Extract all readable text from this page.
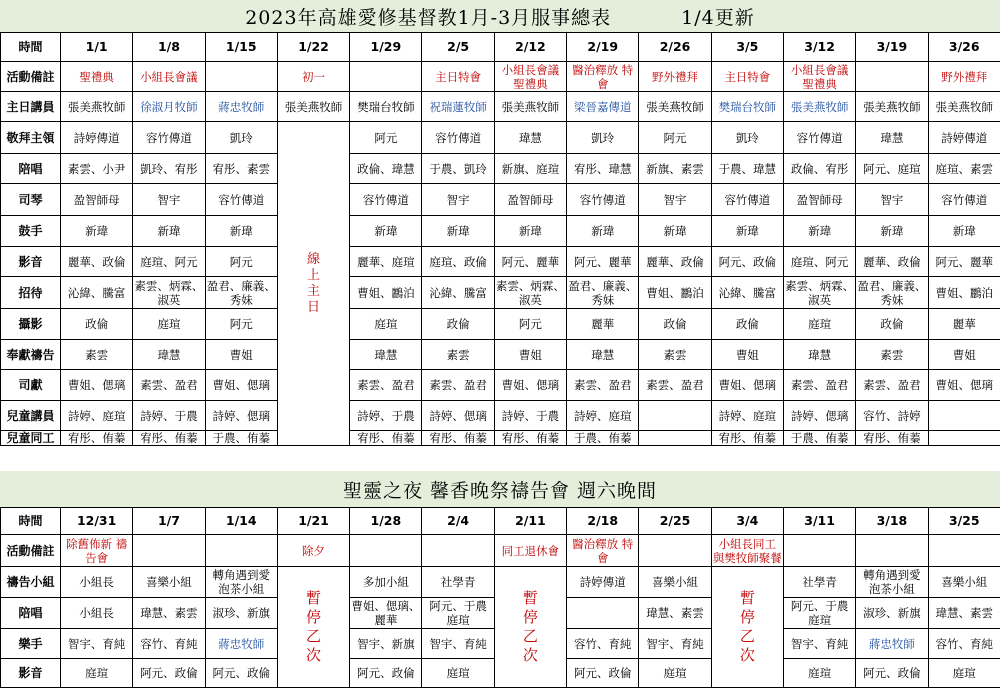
2023年高雄愛修基督教1月-3月服事總表	1/4更新
時間	1/1	1/8	1/15	1/22	1/29	2/5	2/12	2/19	2/26	3/5	3/12	3/19	3/26
活動備註	聖禮典	小組長會議		初一		主日特會	小組長會議 聖禮典	醫治釋放 特會	野外禮拜	主日特會	小組長會議 聖禮典		野外禮拜
主日講員	張美燕牧師	徐淑月牧師	蔣忠牧師	張美燕牧師	樊瑞台牧師	祝瑞蓮牧師	張美燕牧師	梁晉嘉傳道	張美燕牧師	樊瑞台牧師	張美燕牧師	張美燕牧師	張美燕牧師
敬拜主領	詩婷傳道	容竹傳道	凱玲	線上主日	阿元	容竹傳道	瑋慧	凱玲	阿元	凱玲	容竹傳道	瑋慧	詩婷傳道
陪唱	素雲、小尹	凱玲、宥彤	宥彤、素雲		政倫、瑋慧	于農、凱玲	新旗、庭瑄	宥彤、瑋慧	新旗、素雲	于農、瑋慧	政倫、宥彤	阿元、庭瑄	庭瑄、素雲
司琴	盈智師母	智宇	容竹傳道		容竹傳道	智宇	盈智師母	容竹傳道	智宇	容竹傳道	盈智師母	智宇	容竹傳道
鼓手	新瑋	新瑋	新瑋		新瑋	新瑋	新瑋	新瑋	新瑋	新瑋	新瑋	新瑋	新瑋
影音	麗華、政倫	庭瑄、阿元	阿元		麗華、庭瑄	庭瑄、政倫	阿元、麗華	阿元、麗華	麗華、政倫	阿元、政倫	庭瑄、阿元	麗華、政倫	阿元、麗華
招待	沁緯、騰富	素雲、炳霖、淑英	盈君、廉義、秀妹		曹姐、鸝泊	沁緯、騰富	素雲、炳霖、淑英	盈君、廉義、秀妹	曹姐、鸝泊	沁緯、騰富	素雲、炳霖、淑英	盈君、廉義、秀妹	曹姐、鸝泊
攝影	政倫	庭瑄	阿元		庭瑄	政倫	阿元	麗華	政倫	政倫	庭瑄	政倫	麗華
奉獻禱告	素雲	瑋慧	曹姐		瑋慧	素雲	曹姐	瑋慧	素雲	曹姐	瑋慧	素雲	曹姐
司獻	曹姐、偲璃	素雲、盈君	曹姐、偲璃		素雲、盈君	素雲、盈君	曹姐、偲璃	素雲、盈君	素雲、盈君	曹姐、偲璃	素雲、盈君	素雲、盈君	曹姐、偲璃
兒童講員	詩婷、庭瑄	詩婷、于農	詩婷、偲璃		詩婷、于農	詩婷、偲璃	詩婷、于農	詩婷、庭瑄		詩婷、庭瑄	詩婷、偲璃	容竹、詩婷	
兒童同工	宥彤、侑蓁	宥彤、侑蓁	于農、侑蓁		宥彤、侑蓁	宥彤、侑蓁	宥彤、侑蓁	于農、侑蓁		宥彤、侑蓁	于農、侑蓁	宥彤、侑蓁	
聖靈之夜 馨香晚祭禱告會 週六晚間
時間	12/31	1/7	1/14	1/21	1/28	2/4	2/11	2/18	2/25	3/4	3/11	3/18	3/25
活動備註	除舊佈新 禱告會			除夕			同工退休會	醫治釋放 特會		小組長同工 與樊牧師聚餐			
禱告小組	小組長	喜樂小組	轉角遇到愛 泡茶小組	暫停乙次	多加小組	社學青	暫停乙次	詩婷傳道	喜樂小組	暫停乙次	社學青	轉角遇到愛 泡茶小組	喜樂小組
陪唱	小組長	瑋慧、素雲	淑珍、新旗		曹姐、偲璃、麗華	阿元、于農 庭瑄			瑋慧、素雲		阿元、于農 庭瑄	淑珍、新旗	瑋慧、素雲
樂手	智宇、育純	容竹、育純	蔣忠牧師		智宇、新旗	智宇、育純		容竹、育純	智宇、育純		智宇、育純	蔣忠牧師	容竹、育純
影音	庭瑄	阿元、政倫	阿元、政倫		阿元、政倫	庭瑄		阿元、政倫	庭瑄		庭瑄	阿元、政倫	庭瑄
